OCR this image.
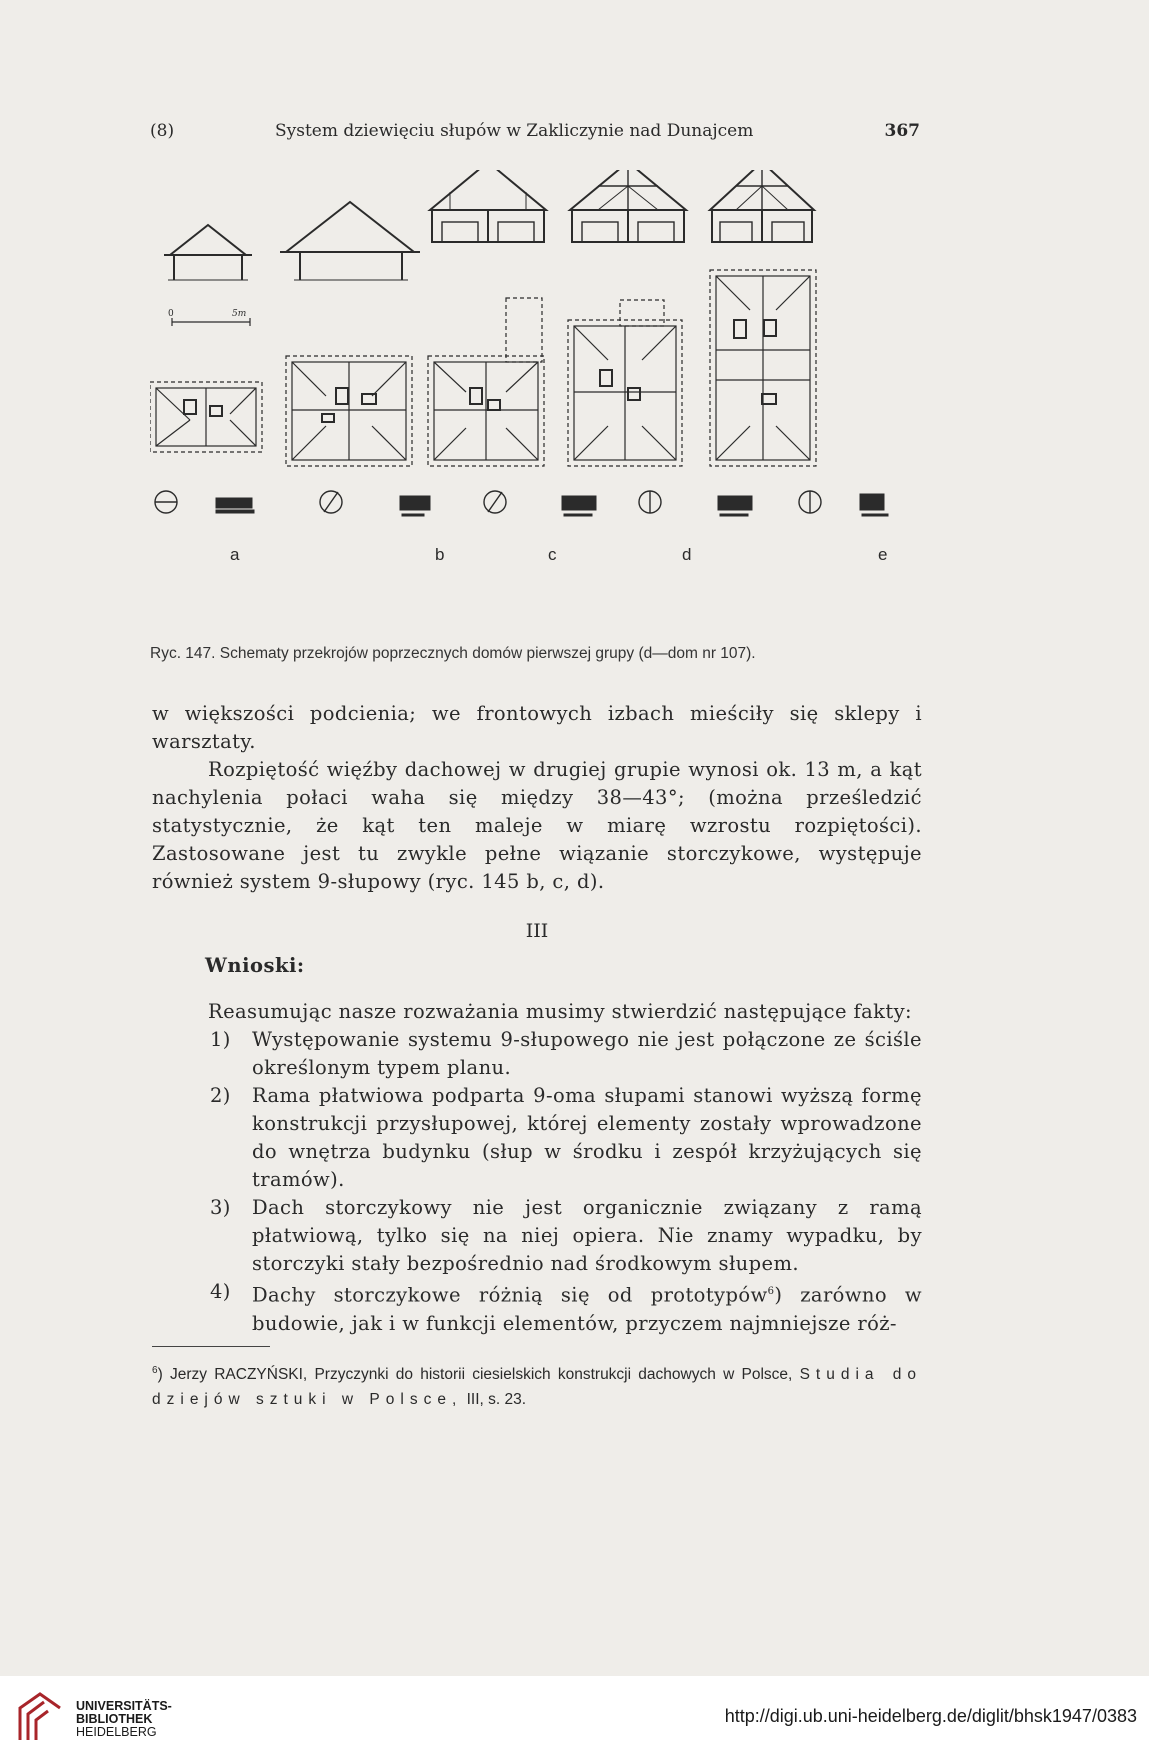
(8)	System dziewięciu słupów w Zakliczynie nad Dunajcem	367
0	5m
a	b	c	d	e
Ryc. 147. Schematy przekrojów poprzecznych domów pierwszej grupy (d—dom nr 107).

w większości podcienia; we frontowych izbach mieściły się sklepy i warsztaty.

Rozpiętość więźby dachowej w drugiej grupie wynosi ok. 13 m, a kąt nachylenia połaci waha się między 38—43°; (można prześledzić statystycznie, że kąt ten maleje w miarę wzrostu rozpiętości). Zastosowane jest tu zwykle pełne wiązanie storczykowe, występuje również system 9-słupowy (ryc. 145 b, c, d).

III
Wnioski:

Reasumując nasze rozważania musimy stwierdzić następujące fakty:

1) Występowanie systemu 9-słupowego nie jest połączone ze ściśle określonym typem planu.
2) Rama płatwiowa podparta 9-oma słupami stanowi wyższą formę konstrukcji przysłupowej, której elementy zostały wprowadzone do wnętrza budynku (słup w środku i zespół krzyżujących się tramów).
3) Dach storczykowy nie jest organicznie związany z ramą płatwiową, tylko się na niej opiera. Nie znamy wypadku, by storczyki stały bezpośrednio nad środkowym słupem.
4) Dachy storczykowe różnią się od prototypów$^6$) zarówno w budowie, jak i w funkcji elementów, przyczem najmniejsze róż-
$^6$) Jerzy RACZYŃSKI, Przyczynki do historii ciesielskich konstrukcji dachowych w Polsce, Studia do dziejów sztuki w Polsce, III, s. 23.
UNIVERSITÄTS-
BIBLIOTHEK
HEIDELBERG
http://digi.ub.uni-heidelberg.de/diglit/bhsk1947/0383
